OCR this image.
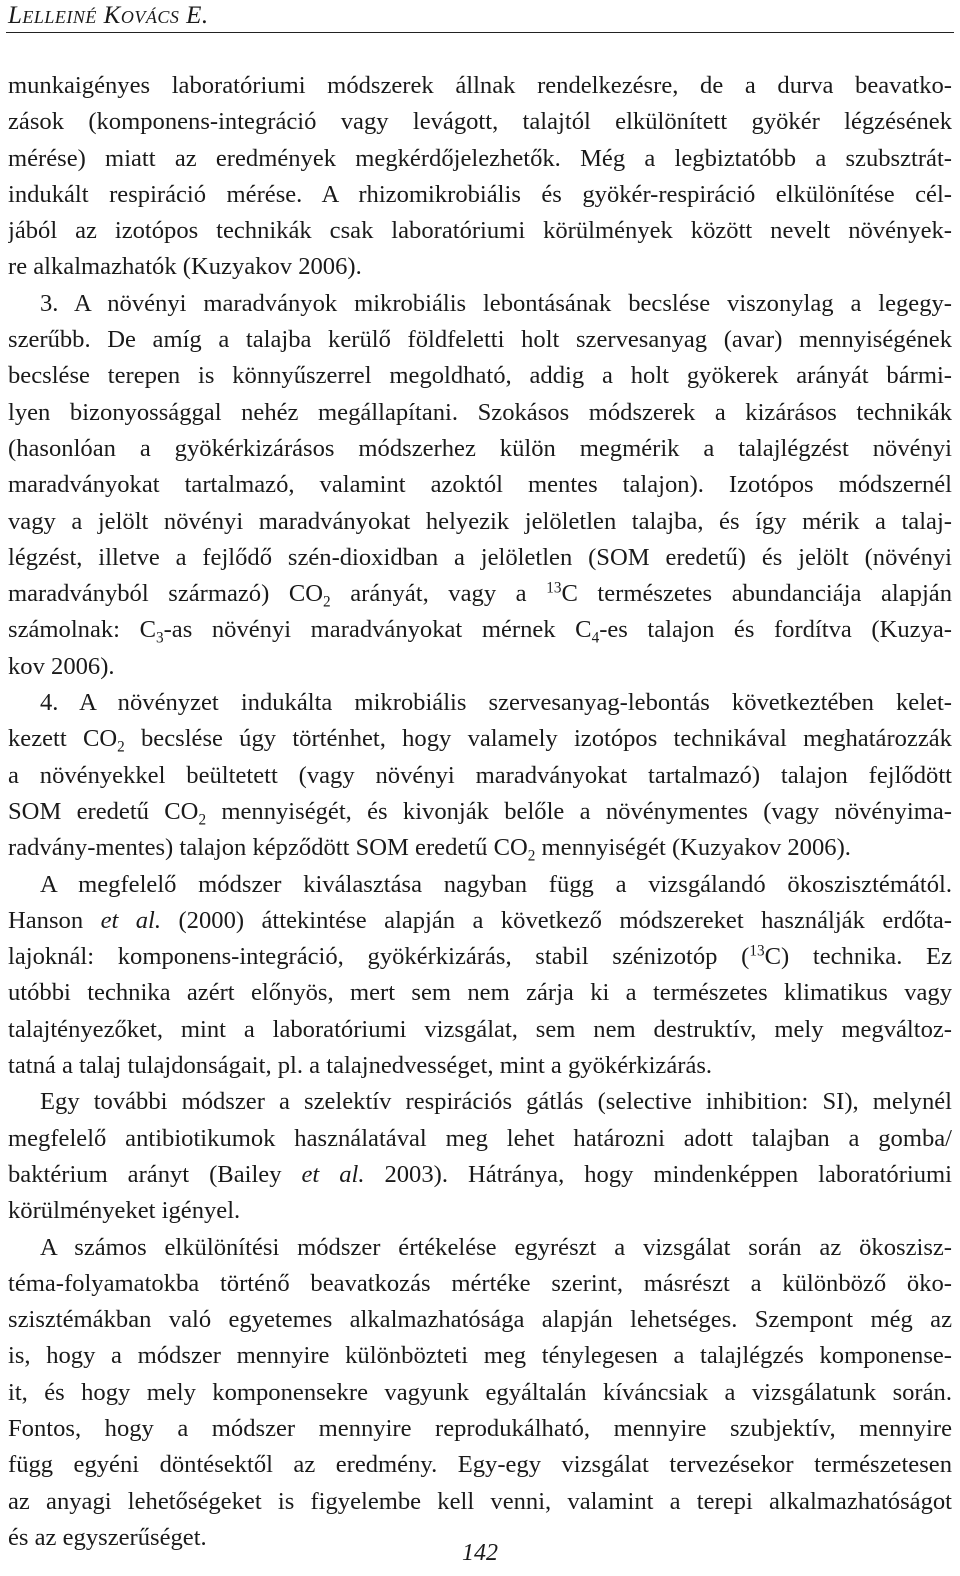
Lelleiné Kovács E.
munkaigényes laboratóriumi módszerek állnak rendelkezésre, de a durva beavatko-
zások (komponens-integráció vagy levágott, talajtól elkülönített gyökér légzésének
mérése) miatt az eredmények megkérdőjelezhetők. Még a legbiztatóbb a szubsztrát-
indukált respiráció mérése. A rhizomikrobiális és gyökér-respiráció elkülönítése cél-
jából az izotópos technikák csak laboratóriumi körülmények között nevelt növények-
re alkalmazhatók (Kuzyakov 2006).
3. A növényi maradványok mikrobiális lebontásának becslése viszonylag a legegy-
szerűbb. De amíg a talajba kerülő földfeletti holt szervesanyag (avar) mennyiségének
becslése terepen is könnyűszerrel megoldható, addig a holt gyökerek arányát bármi-
lyen bizonyossággal nehéz megállapítani. Szokásos módszerek a kizárásos technikák
(hasonlóan a gyökérkizárásos módszerhez külön megmérik a talajlégzést növényi
maradványokat tartalmazó, valamint azoktól mentes talajon). Izotópos módszernél
vagy a jelölt növényi maradványokat helyezik jelöletlen talajba, és így mérik a talaj-
légzést, illetve a fejlődő szén-dioxidban a jelöletlen (SOM eredetű) és jelölt (növényi
maradványból származó) $CO_2$ arányát, vagy a $^{13}$C természetes abundanciája alapján
számolnak: $C_3-as$ növényi maradványokat mérnek $C_4-es$ talajon és fordítva (Kuzya-
kov 2006).
4. A növényzet indukálta mikrobiális szervesanyag-lebontás következtében kelet-
kezett $CO_2$ becslése úgy történhet, hogy valamely izotópos technikával meghatározzák
a növényekkel beültetett (vagy növényi maradványokat tartalmazó) talajon fejlődött
SOM eredetű $CO_2$ mennyiségét, és kivonják belőle a növénymentes (vagy növényima-
radvány-mentes) talajon képződött SOM eredetű $CO_2$ mennyiségét (Kuzyakov 2006).
A megfelelő módszer kiválasztása nagyban függ a vizsgálandó ökoszisztémától.
Hanson et al. (2000) áttekintése alapján a következő módszereket használják erdőta-
lajoknál: komponens-integráció, gyökérkizárás, stabil szénizotóp ($^{13}$C) technika. Ez
utóbbi technika azért előnyös, mert sem nem zárja ki a természetes klimatikus vagy
talajtényezőket, mint a laboratóriumi vizsgálat, sem nem destruktív, mely megváltoz-
tatná a talaj tulajdonságait, pl. a talajnedvességet, mint a gyökérkizárás.
Egy további módszer a szelektív respirációs gátlás (selective inhibition: SI), melynél
megfelelő antibiotikumok használatával meg lehet határozni adott talajban a gomba/
baktérium arányt (Bailey et al. 2003). Hátránya, hogy mindenképpen laboratóriumi
körülményeket igényel.
A számos elkülönítési módszer értékelése egyrészt a vizsgálat során az ökoszisz-
téma-folyamatokba történő beavatkozás mértéke szerint, másrészt a különböző öko-
szisztémákban való egyetemes alkalmazhatósága alapján lehetséges. Szempont még az
is, hogy a módszer mennyire különbözteti meg ténylegesen a talajlégzés komponense-
it, és hogy mely komponensekre vagyunk egyáltalán kíváncsiak a vizsgálatunk során.
Fontos, hogy a módszer mennyire reprodukálható, mennyire szubjektív, mennyire
függ egyéni döntésektől az eredmény. Egy-egy vizsgálat tervezésekor természetesen
az anyagi lehetőségeket is figyelembe kell venni, valamint a terepi alkalmazhatóságot
és az egyszerűséget.
142
